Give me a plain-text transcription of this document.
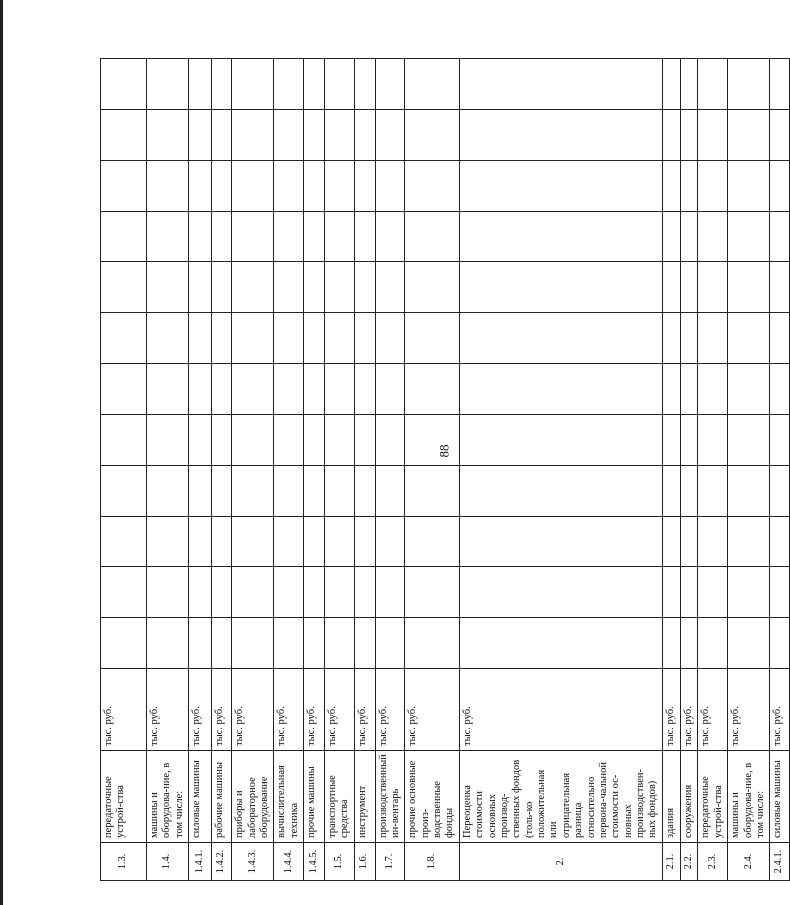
88
1.3.	передаточные устрой-ства	тыс. руб.												
1.4.	машины и оборудова-ние, в том числе:	тыс. руб.												
1.4.1.	силовые машины	тыс. руб.												
1.4.2.	рабочие машины	тыс. руб.												
1.4.3.	приборы и лабораторное оборудование	тыс. руб.												
1.4.4.	вычислительная техника	тыс. руб.												
1.4.5.	прочие машины	тыс. руб.												
1.5.	транспортные средства	тыс. руб.												
1.6.	инструмент	тыс. руб.												
1.7.	производственный ин-вентарь	тыс. руб.												
1.8.	прочие основные произ-водственные фонды	тыс. руб.												
2.	Переоценка стоимости основных производ-ственных фондов (толь-ко положительная или отрицательная разница относительно первона-чальной стоимости ос-новных производствен-ных фондов)	тыс. руб.												
2.1.	здания	тыс. руб.												
2.2.	сооружения	тыс. руб.												
2.3.	передаточные устрой-ства	тыс. руб.												
2.4.	машины и оборудова-ние, в том числе:	тыс. руб.												
2.4.1.	силовые машины	тыс. руб.												
